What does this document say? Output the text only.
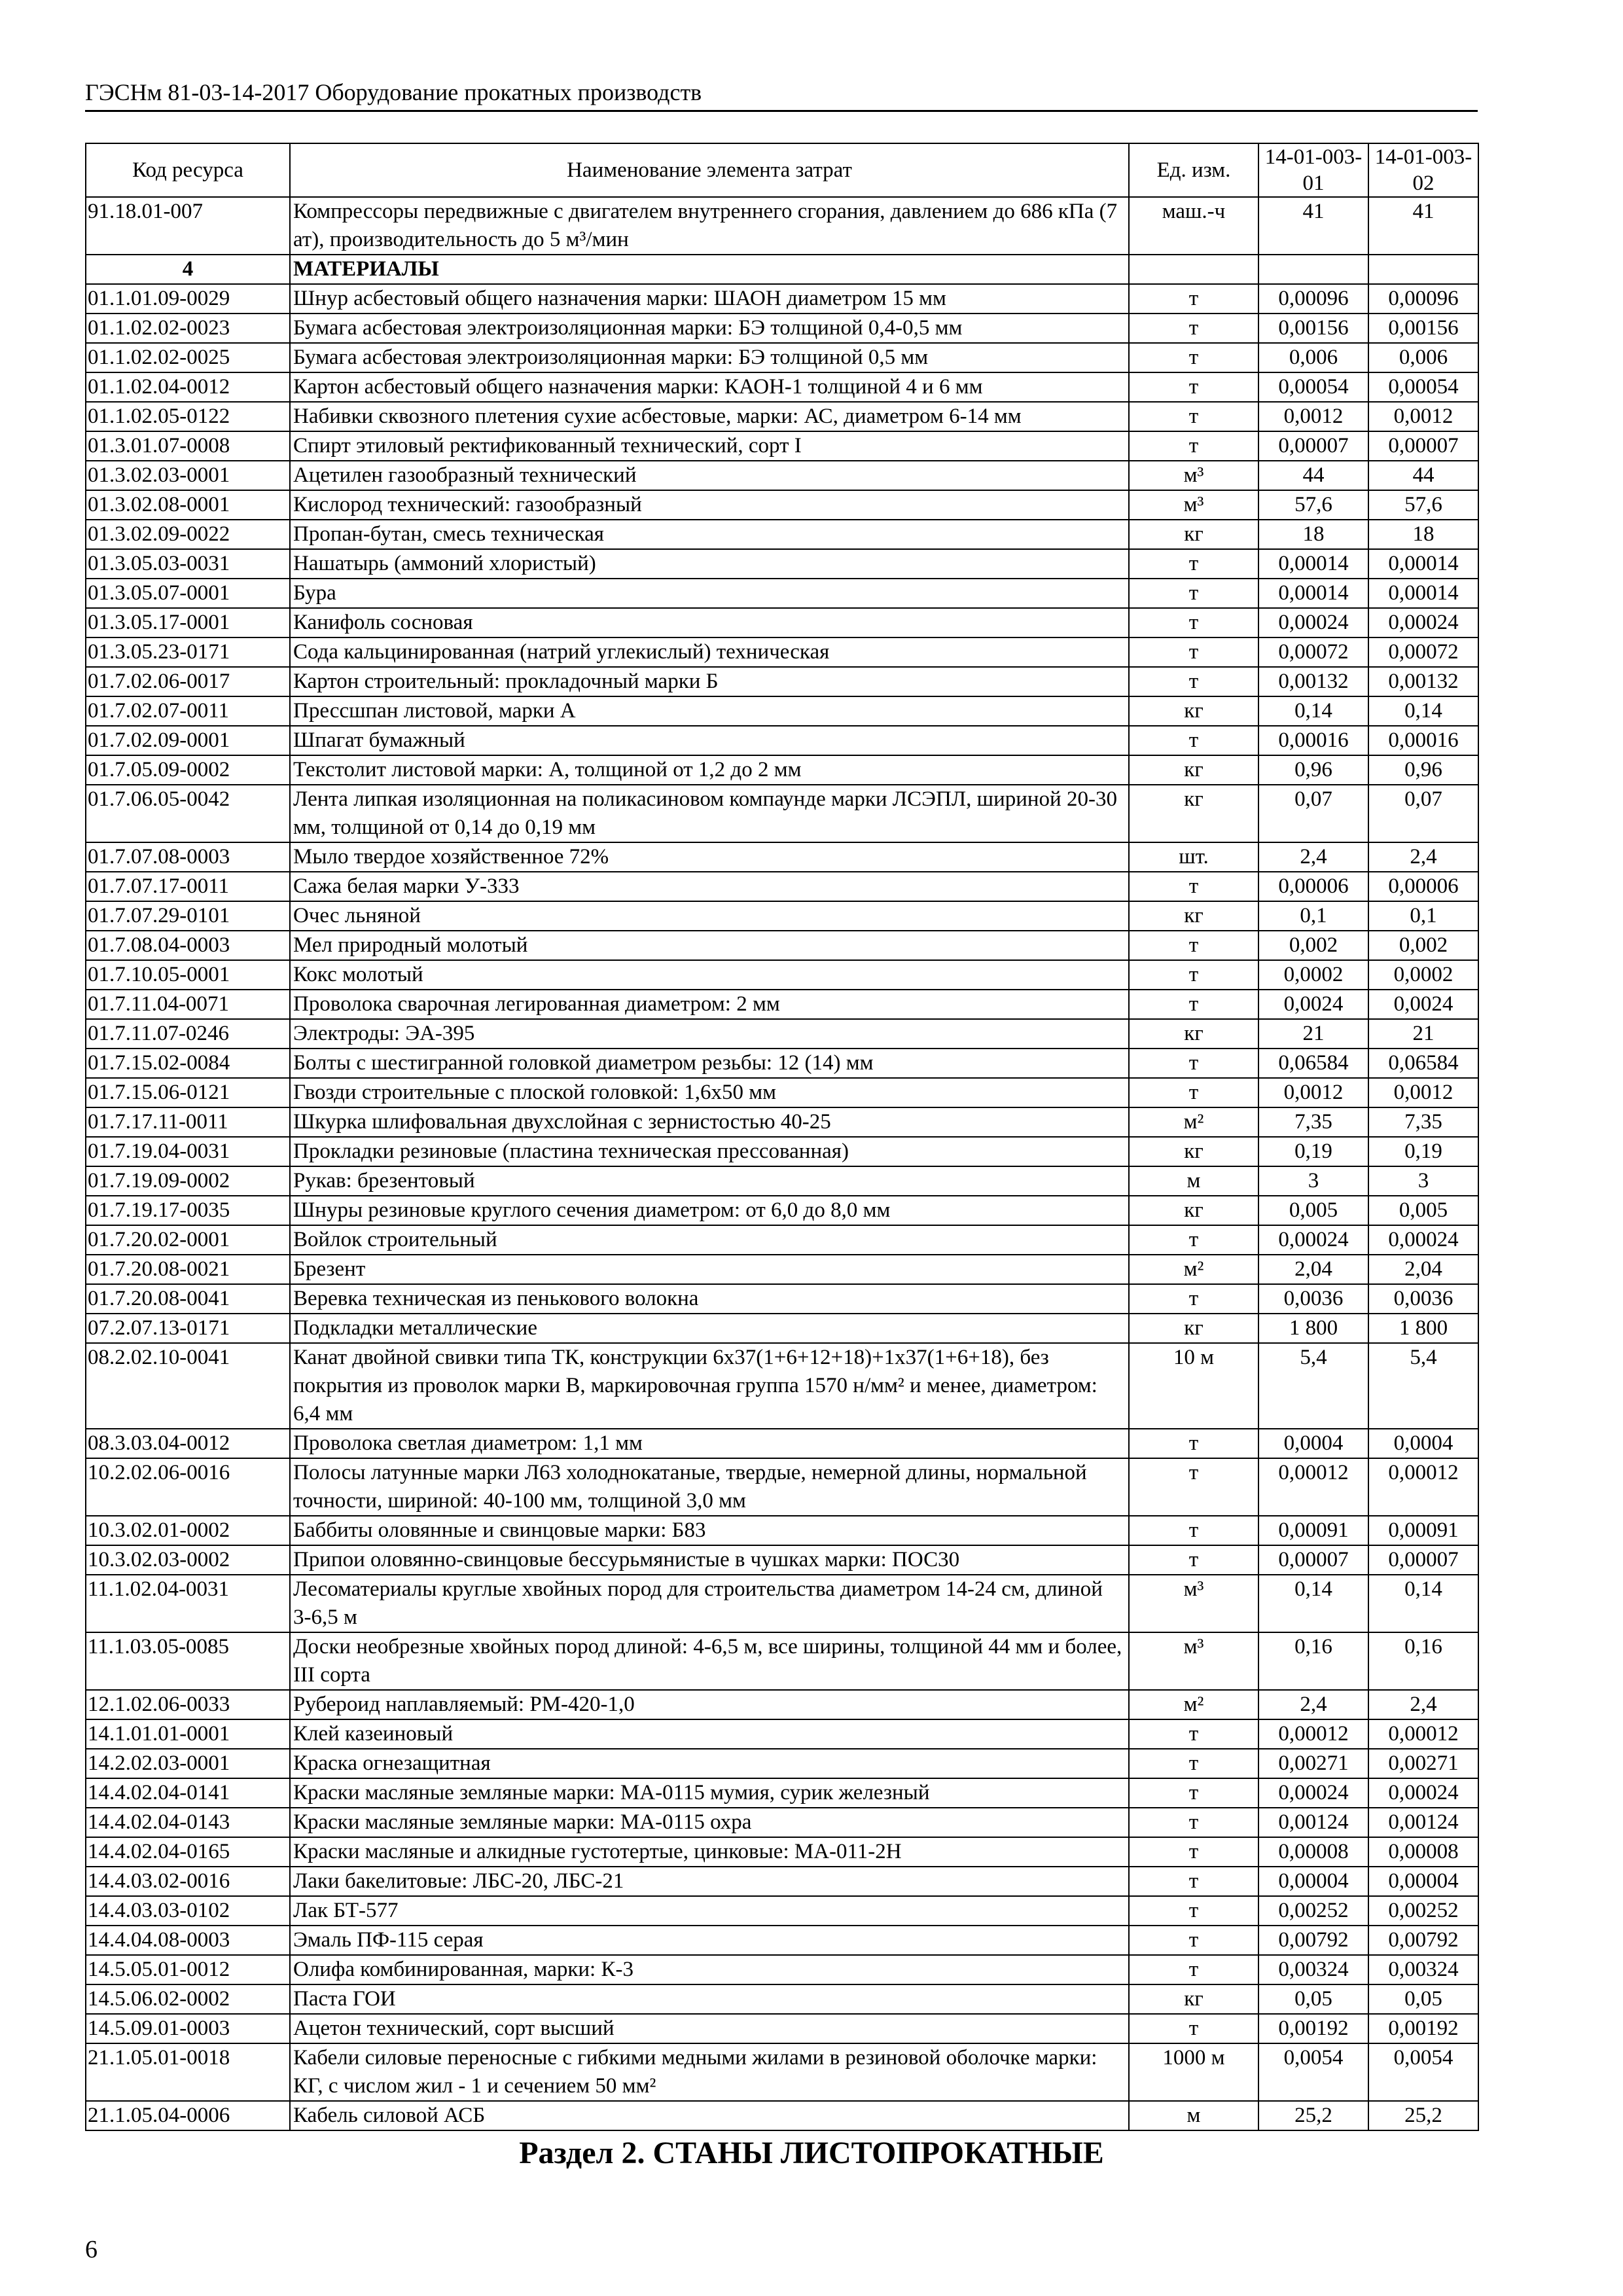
ГЭСНм 81-03-14-2017 Оборудование прокатных производств
Код ресурса	Наименование элемента затрат	Ед. изм.	14-01-003-01	14-01-003-02
91.18.01-007	Компрессоры передвижные с двигателем внутреннего сгорания, давлением до 686 кПа (7 ат), производительность до 5 м³/мин	маш.-ч	41	41
4	МАТЕРИАЛЫ			
01.1.01.09-0029	Шнур асбестовый общего назначения марки: ШАОН диаметром 15 мм	т	0,00096	0,00096
01.1.02.02-0023	Бумага асбестовая электроизоляционная марки: БЭ толщиной 0,4-0,5 мм	т	0,00156	0,00156
01.1.02.02-0025	Бумага асбестовая электроизоляционная марки: БЭ толщиной 0,5 мм	т	0,006	0,006
01.1.02.04-0012	Картон асбестовый общего назначения марки: КАОН-1 толщиной 4 и 6 мм	т	0,00054	0,00054
01.1.02.05-0122	Набивки сквозного плетения сухие асбестовые, марки: АС, диаметром 6-14 мм	т	0,0012	0,0012
01.3.01.07-0008	Спирт этиловый ректификованный технический, сорт I	т	0,00007	0,00007
01.3.02.03-0001	Ацетилен газообразный технический	м³	44	44
01.3.02.08-0001	Кислород технический: газообразный	м³	57,6	57,6
01.3.02.09-0022	Пропан-бутан, смесь техническая	кг	18	18
01.3.05.03-0031	Нашатырь (аммоний хлористый)	т	0,00014	0,00014
01.3.05.07-0001	Бура	т	0,00014	0,00014
01.3.05.17-0001	Канифоль сосновая	т	0,00024	0,00024
01.3.05.23-0171	Сода кальцинированная (натрий углекислый) техническая	т	0,00072	0,00072
01.7.02.06-0017	Картон строительный: прокладочный марки Б	т	0,00132	0,00132
01.7.02.07-0011	Прессшпан листовой, марки А	кг	0,14	0,14
01.7.02.09-0001	Шпагат бумажный	т	0,00016	0,00016
01.7.05.09-0002	Текстолит листовой марки: А, толщиной от 1,2 до 2 мм	кг	0,96	0,96
01.7.06.05-0042	Лента липкая изоляционная на поликасиновом компаунде марки ЛСЭПЛ, шириной 20-30 мм, толщиной от 0,14 до 0,19 мм	кг	0,07	0,07
01.7.07.08-0003	Мыло твердое хозяйственное 72%	шт.	2,4	2,4
01.7.07.17-0011	Сажа белая марки У-333	т	0,00006	0,00006
01.7.07.29-0101	Очес льняной	кг	0,1	0,1
01.7.08.04-0003	Мел природный молотый	т	0,002	0,002
01.7.10.05-0001	Кокс молотый	т	0,0002	0,0002
01.7.11.04-0071	Проволока сварочная легированная диаметром: 2 мм	т	0,0024	0,0024
01.7.11.07-0246	Электроды: ЭА-395	кг	21	21
01.7.15.02-0084	Болты с шестигранной головкой диаметром резьбы: 12 (14) мм	т	0,06584	0,06584
01.7.15.06-0121	Гвозди строительные с плоской головкой: 1,6х50 мм	т	0,0012	0,0012
01.7.17.11-0011	Шкурка шлифовальная двухслойная с зернистостью 40-25	м²	7,35	7,35
01.7.19.04-0031	Прокладки резиновые (пластина техническая прессованная)	кг	0,19	0,19
01.7.19.09-0002	Рукав: брезентовый	м	3	3
01.7.19.17-0035	Шнуры резиновые круглого сечения диаметром: от 6,0 до 8,0 мм	кг	0,005	0,005
01.7.20.02-0001	Войлок строительный	т	0,00024	0,00024
01.7.20.08-0021	Брезент	м²	2,04	2,04
01.7.20.08-0041	Веревка техническая из пенькового волокна	т	0,0036	0,0036
07.2.07.13-0171	Подкладки металлические	кг	1 800	1 800
08.2.02.10-0041	Канат двойной свивки типа ТК, конструкции 6х37(1+6+12+18)+1х37(1+6+18), без покрытия из проволок марки В, маркировочная группа 1570 н/мм² и менее, диаметром: 6,4 мм	10 м	5,4	5,4
08.3.03.04-0012	Проволока светлая диаметром: 1,1 мм	т	0,0004	0,0004
10.2.02.06-0016	Полосы латунные марки Л63 холоднокатаные, твердые, немерной длины, нормальной точности, шириной: 40-100 мм, толщиной 3,0 мм	т	0,00012	0,00012
10.3.02.01-0002	Баббиты оловянные и свинцовые марки: Б83	т	0,00091	0,00091
10.3.02.03-0002	Припои оловянно-свинцовые бессурьмянистые в чушках марки: ПОС30	т	0,00007	0,00007
11.1.02.04-0031	Лесоматериалы круглые хвойных пород для строительства диаметром 14-24 см, длиной 3-6,5 м	м³	0,14	0,14
11.1.03.05-0085	Доски необрезные хвойных пород длиной: 4-6,5 м, все ширины, толщиной 44 мм и более, III сорта	м³	0,16	0,16
12.1.02.06-0033	Рубероид наплавляемый: РМ-420-1,0	м²	2,4	2,4
14.1.01.01-0001	Клей казеиновый	т	0,00012	0,00012
14.2.02.03-0001	Краска огнезащитная	т	0,00271	0,00271
14.4.02.04-0141	Краски масляные земляные марки: МА-0115 мумия, сурик железный	т	0,00024	0,00024
14.4.02.04-0143	Краски масляные земляные марки: МА-0115 охра	т	0,00124	0,00124
14.4.02.04-0165	Краски масляные и алкидные густотертые, цинковые: МА-011-2Н	т	0,00008	0,00008
14.4.03.02-0016	Лаки бакелитовые: ЛБС-20, ЛБС-21	т	0,00004	0,00004
14.4.03.03-0102	Лак БТ-577	т	0,00252	0,00252
14.4.04.08-0003	Эмаль ПФ-115 серая	т	0,00792	0,00792
14.5.05.01-0012	Олифа комбинированная, марки: К-3	т	0,00324	0,00324
14.5.06.02-0002	Паста ГОИ	кг	0,05	0,05
14.5.09.01-0003	Ацетон технический, сорт высший	т	0,00192	0,00192
21.1.05.01-0018	Кабели силовые переносные с гибкими медными жилами в резиновой оболочке марки: КГ, с числом жил - 1 и сечением 50 мм²	1000 м	0,0054	0,0054
21.1.05.04-0006	Кабель силовой АСБ	м	25,2	25,2
Раздел 2. СТАНЫ ЛИСТОПРОКАТНЫЕ
6
